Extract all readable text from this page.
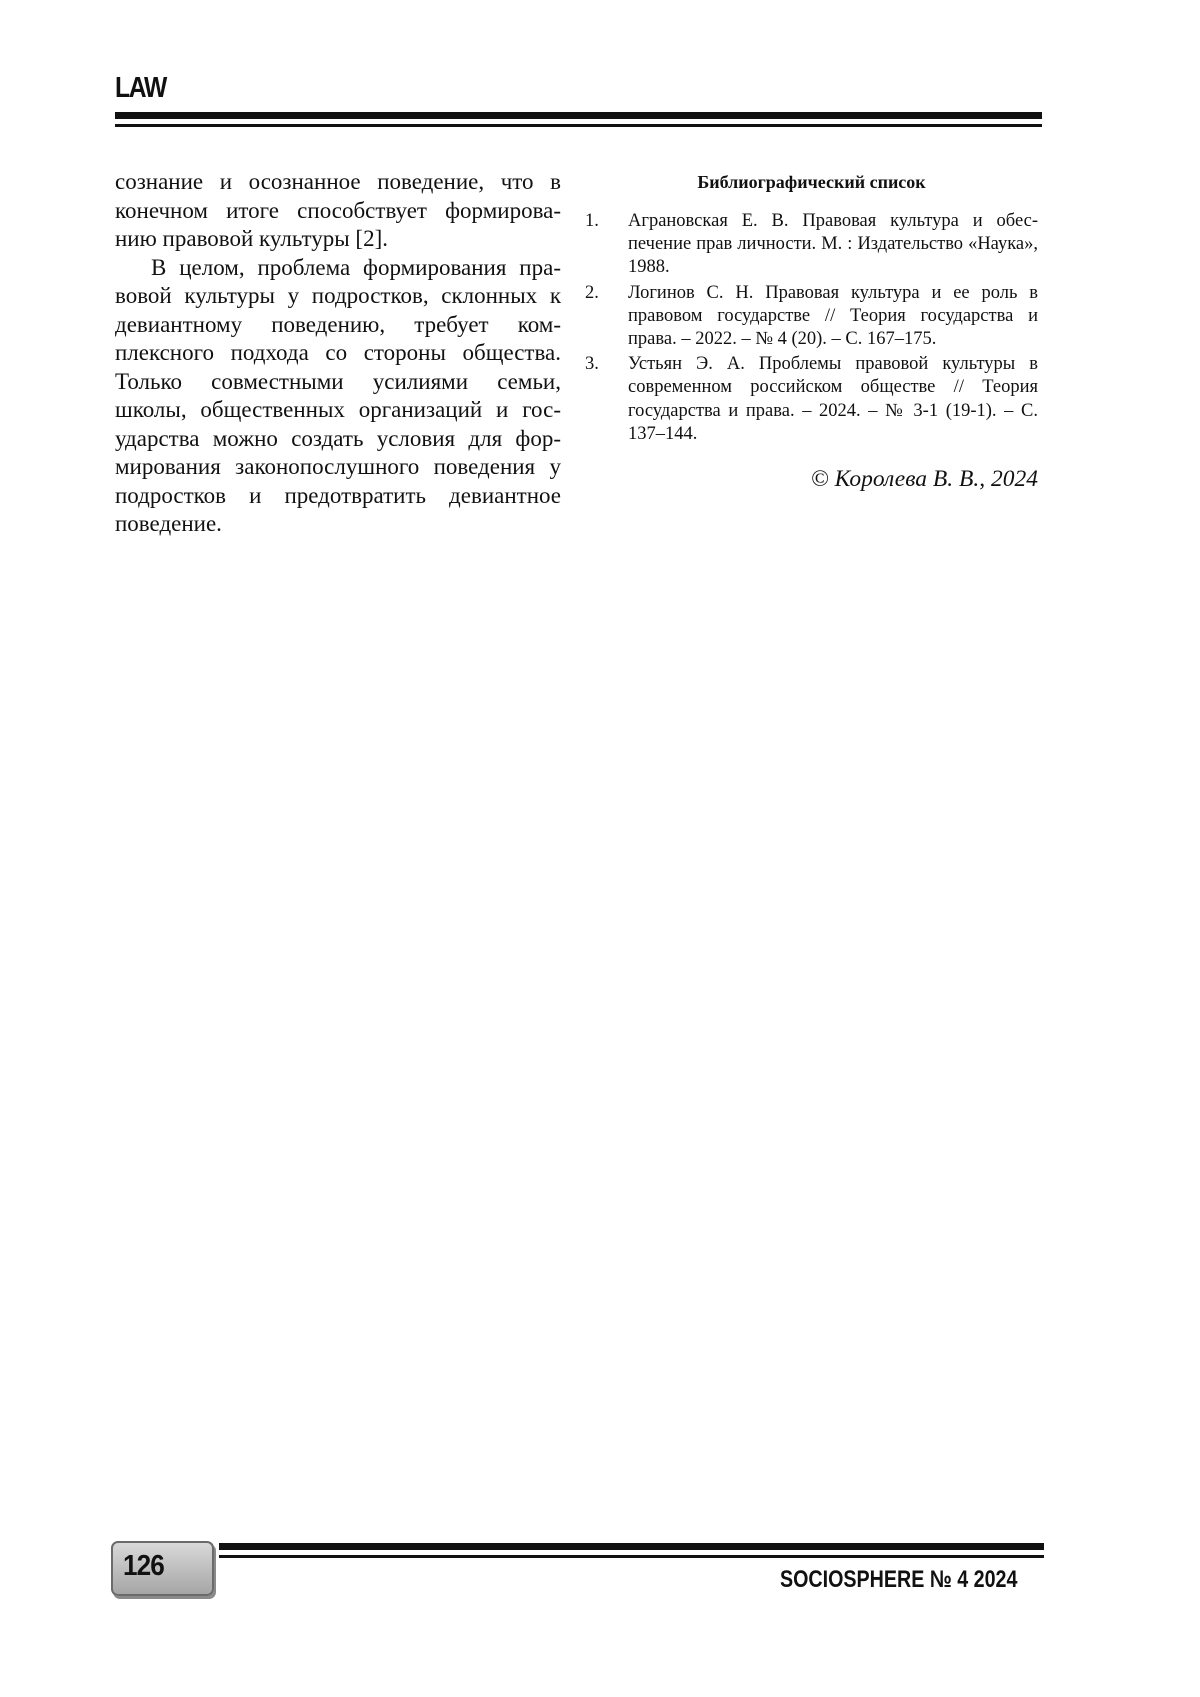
LAW

сознание и осознанное поведение, что в конечном итоге способствует формирова-нию правовой культуры [2].

В целом, проблема формирования пра-вовой культуры у подростков, склонных к девиантному поведению, требует ком-плексного подхода со стороны общества. Только совместными усилиями семьи, школы, общественных организаций и гос-ударства можно создать условия для фор-мирования законопослушного поведения у подростков и предотвратить девиантное поведение.

Библиографический список
1. Аграновская Е. В. Правовая культура и обес-печение прав личности. М. : Издательство «Наука», 1988.
2. Логинов С. Н. Правовая культура и ее роль в правовом государстве // Теория государства и права. – 2022. – № 4 (20). – С. 167–175.
3. Устьян Э. А. Проблемы правовой культуры в современном российском обществе // Теория государства и права. – 2024. – № 3-1 (19-1). – С. 137–144.
© Королева В. В., 2024
126	SOCIOSPHERE № 4 2024
